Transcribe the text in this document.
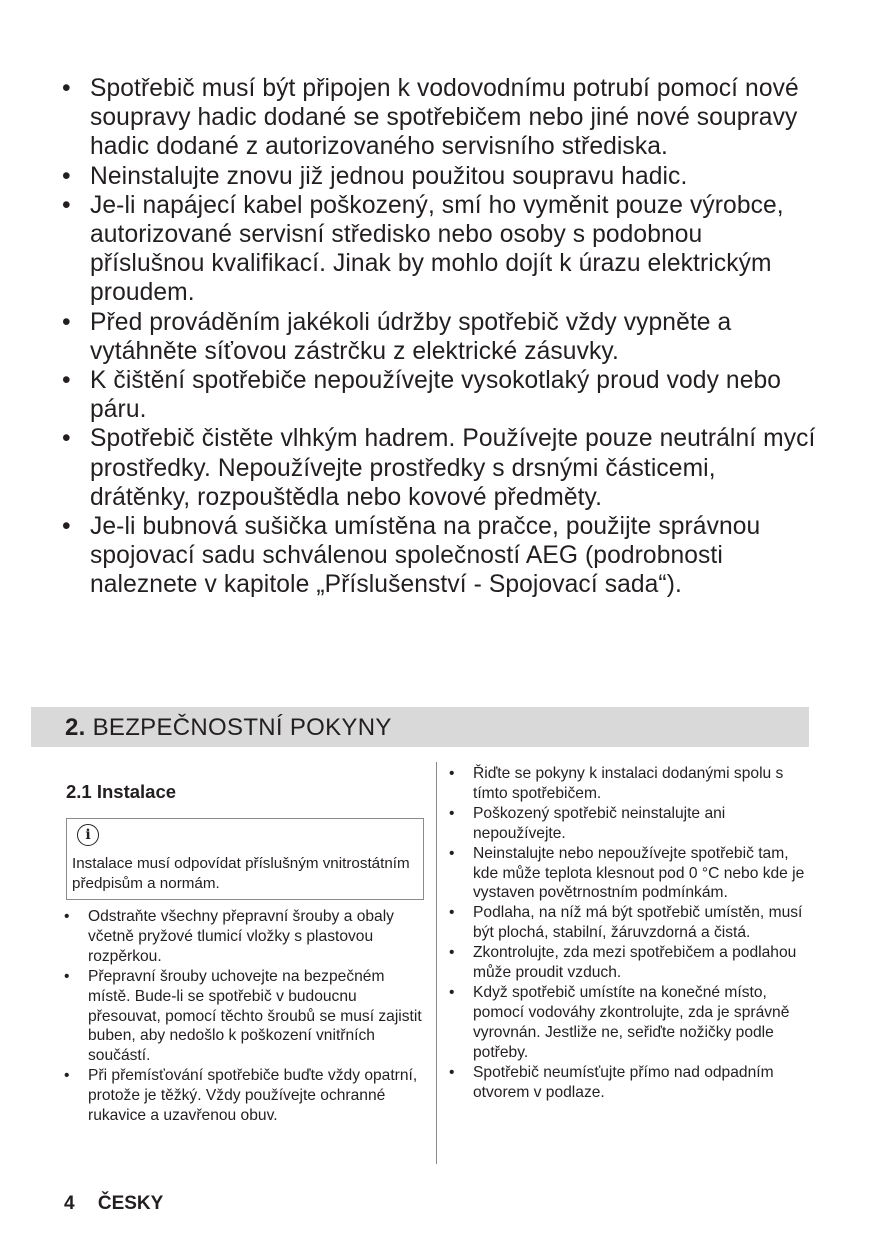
• Spotřebič musí být připojen k vodovodnímu potrubí pomocí nové soupravy hadic dodané se spotřebičem nebo jiné nové soupravy hadic dodané z autorizovaného servisního střediska.
• Neinstalujte znovu již jednou použitou soupravu hadic.
• Je-li napájecí kabel poškozený, smí ho vyměnit pouze výrobce, autorizované servisní středisko nebo osoby s podobnou příslušnou kvalifikací. Jinak by mohlo dojít k úrazu elektrickým proudem.
• Před prováděním jakékoli údržby spotřebič vždy vypněte a vytáhněte síťovou zástrčku z elektrické zásuvky.
• K čištění spotřebiče nepoužívejte vysokotlaký proud vody nebo páru.
• Spotřebič čistěte vlhkým hadrem. Používejte pouze neutrální mycí prostředky. Nepoužívejte prostředky s drsnými částicemi, drátěnky, rozpouštědla nebo kovové předměty.
• Je-li bubnová sušička umístěna na pračce, použijte správnou spojovací sadu schválenou společností AEG (podrobnosti naleznete v kapitole „Příslušenství - Spojovací sada“).
2. BEZPEČNOSTNÍ POKYNY
2.1 Instalace
i
Instalace musí odpovídat příslušným vnitrostátním předpisům a normám.
• Odstraňte všechny přepravní šrouby a obaly včetně pryžové tlumicí vložky s plastovou rozpěrkou.
• Přepravní šrouby uchovejte na bezpečném místě. Bude-li se spotřebič v budoucnu přesouvat, pomocí těchto šroubů se musí zajistit buben, aby nedošlo k poškození vnitřních součástí.
• Při přemísťování spotřebiče buďte vždy opatrní, protože je těžký. Vždy používejte ochranné rukavice a uzavřenou obuv.
• Řiďte se pokyny k instalaci dodanými spolu s tímto spotřebičem.
• Poškozený spotřebič neinstalujte ani nepoužívejte.
• Neinstalujte nebo nepoužívejte spotřebič tam, kde může teplota klesnout pod 0 °C nebo kde je vystaven povětrnostním podmínkám.
• Podlaha, na níž má být spotřebič umístěn, musí být plochá, stabilní, žáruvzdorná a čistá.
• Zkontrolujte, zda mezi spotřebičem a podlahou může proudit vzduch.
• Když spotřebič umístíte na konečné místo, pomocí vodováhy zkontrolujte, zda je správně vyrovnán. Jestliže ne, seřiďte nožičky podle potřeby.
• Spotřebič neumísťujte přímo nad odpadním otvorem v podlaze.
4 ČESKY
